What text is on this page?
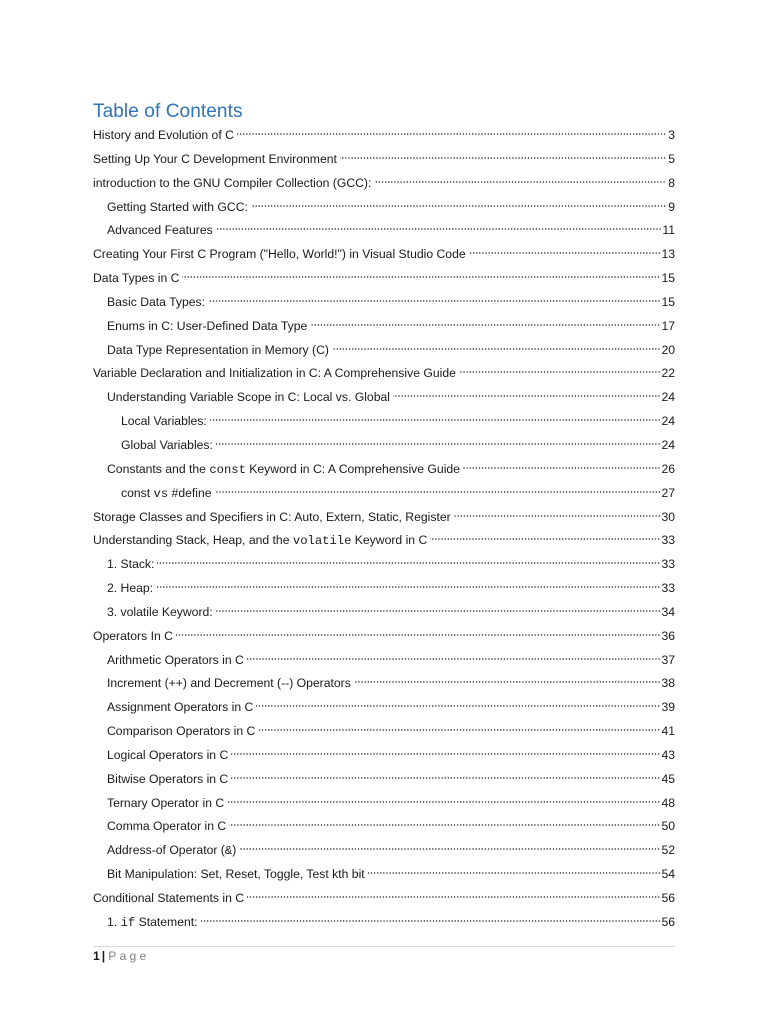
Table of Contents
History and Evolution of C	3
Setting Up Your C Development Environment	5
introduction to the GNU Compiler Collection (GCC):	8
Getting Started with GCC:	9
Advanced Features	11
Creating Your First C Program ("Hello, World!") in Visual Studio Code	13
Data Types in C	15
Basic Data Types:	15
Enums in C: User-Defined Data Type	17
Data Type Representation in Memory (C)	20
Variable Declaration and Initialization in C: A Comprehensive Guide	22
Understanding Variable Scope in C: Local vs. Global	24
Local Variables:	24
Global Variables:	24
Constants and the const Keyword in C: A Comprehensive Guide	26
const vs #define	27
Storage Classes and Specifiers in C: Auto, Extern, Static, Register	30
Understanding Stack, Heap, and the volatile Keyword in C	33
1. Stack:	33
2. Heap:	33
3. volatile Keyword:	34
Operators In C	36
Arithmetic Operators in C	37
Increment (++) and Decrement (--) Operators	38
Assignment Operators in C	39
Comparison Operators in C	41
Logical Operators in C	43
Bitwise Operators in C	45
Ternary Operator in C	48
Comma Operator in C	50
Address-of Operator (&)	52
Bit Manipulation: Set, Reset, Toggle, Test kth bit	54
Conditional Statements in C	56
1. if Statement:	56
1 | Page
